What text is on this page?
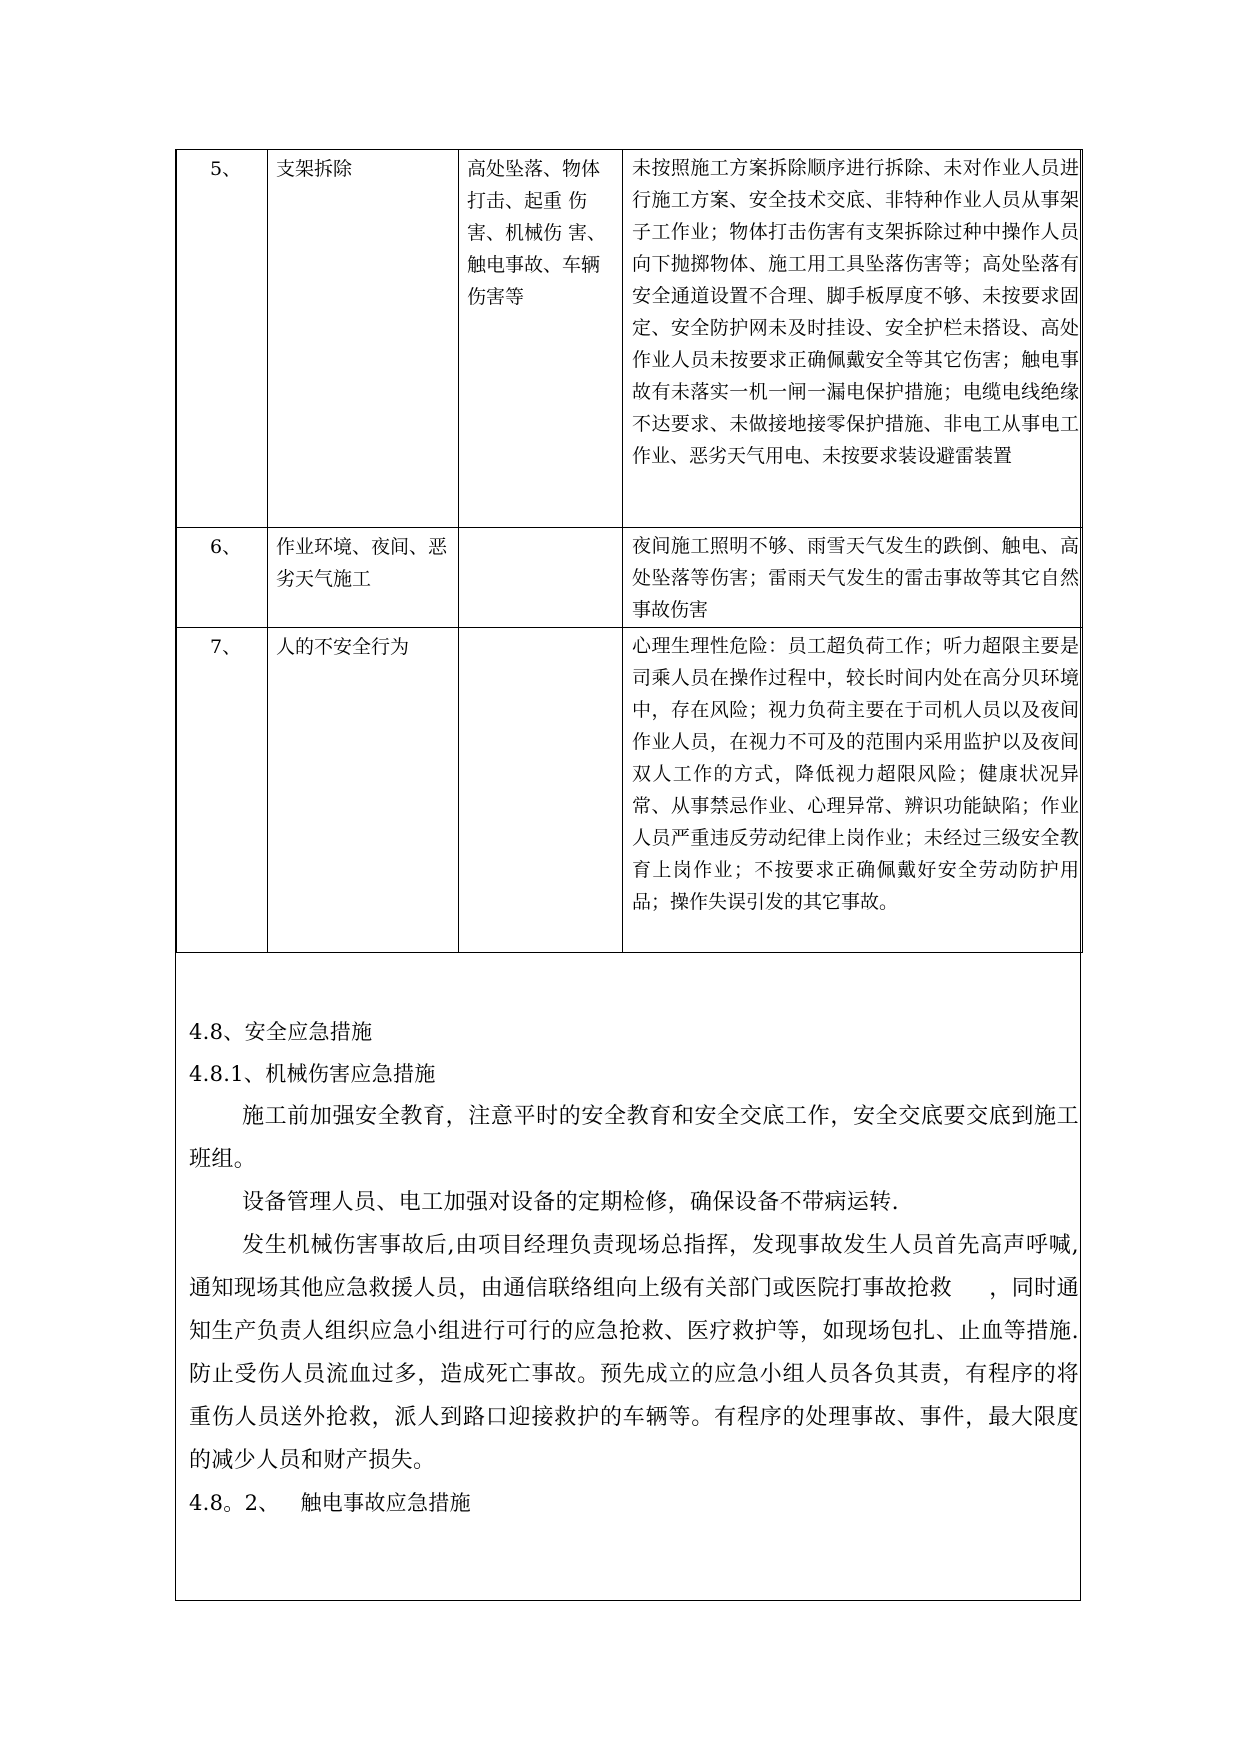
5、	支架拆除	高处坠落、物体打击、起重 伤害、机械伤 害、触电事故、车辆伤害等	未按照施工方案拆除顺序进行拆除、未对作业人员进行施工方案、安全技术交底、非特种作业人员从事架子工作业；物体打击伤害有支架拆除过种中操作人员向下抛掷物体、施工用工具坠落伤害等；高处坠落有安全通道设置不合理、脚手板厚度不够、未按要求固定、安全防护网未及时挂设、安全护栏未搭设、高处作业人员未按要求正确佩戴安全等其它伤害；触电事故有未落实一机一闸一漏电保护措施；电缆电线绝缘不达要求、未做接地接零保护措施、非电工从事电工作业、恶劣天气用电、未按要求装设避雷装置
6、	作业环境、夜间、恶劣天气施工		夜间施工照明不够、雨雪天气发生的跌倒、触电、高处坠落等伤害；雷雨天气发生的雷击事故等其它自然事故伤害
7、	人的不安全行为		心理生理性危险：员工超负荷工作；听力超限主要是司乘人员在操作过程中，较长时间内处在高分贝环境中，存在风险；视力负荷主要在于司机人员以及夜间作业人员，在视力不可及的范围内采用监护以及夜间双人工作的方式，降低视力超限风险；健康状况异常、从事禁忌作业、心理异常、辨识功能缺陷；作业人员严重违反劳动纪律上岗作业；未经过三级安全教育上岗作业；不按要求正确佩戴好安全劳动防护用品；操作失误引发的其它事故。
4.8、安全应急措施
4.8.1、机械伤害应急措施
施工前加强安全教育，注意平时的安全教育和安全交底工作，安全交底要交底到施工班组。
设备管理人员、电工加强对设备的定期检修，确保设备不带病运转.
发生机械伤害事故后,由项目经理负责现场总指挥，发现事故发生人员首先高声呼喊,通知现场其他应急救援人员，由通信联络组向上级有关部门或医院打事故抢救     ，同时通知生产负责人组织应急小组进行可行的应急抢救、医疗救护等，如现场包扎、止血等措施.防止受伤人员流血过多，造成死亡事故。预先成立的应急小组人员各负其责，有程序的将重伤人员送外抢救，派人到路口迎接救护的车辆等。有程序的处理事故、事件，最大限度的减少人员和财产损失。
4.8。2、   触电事故应急措施
